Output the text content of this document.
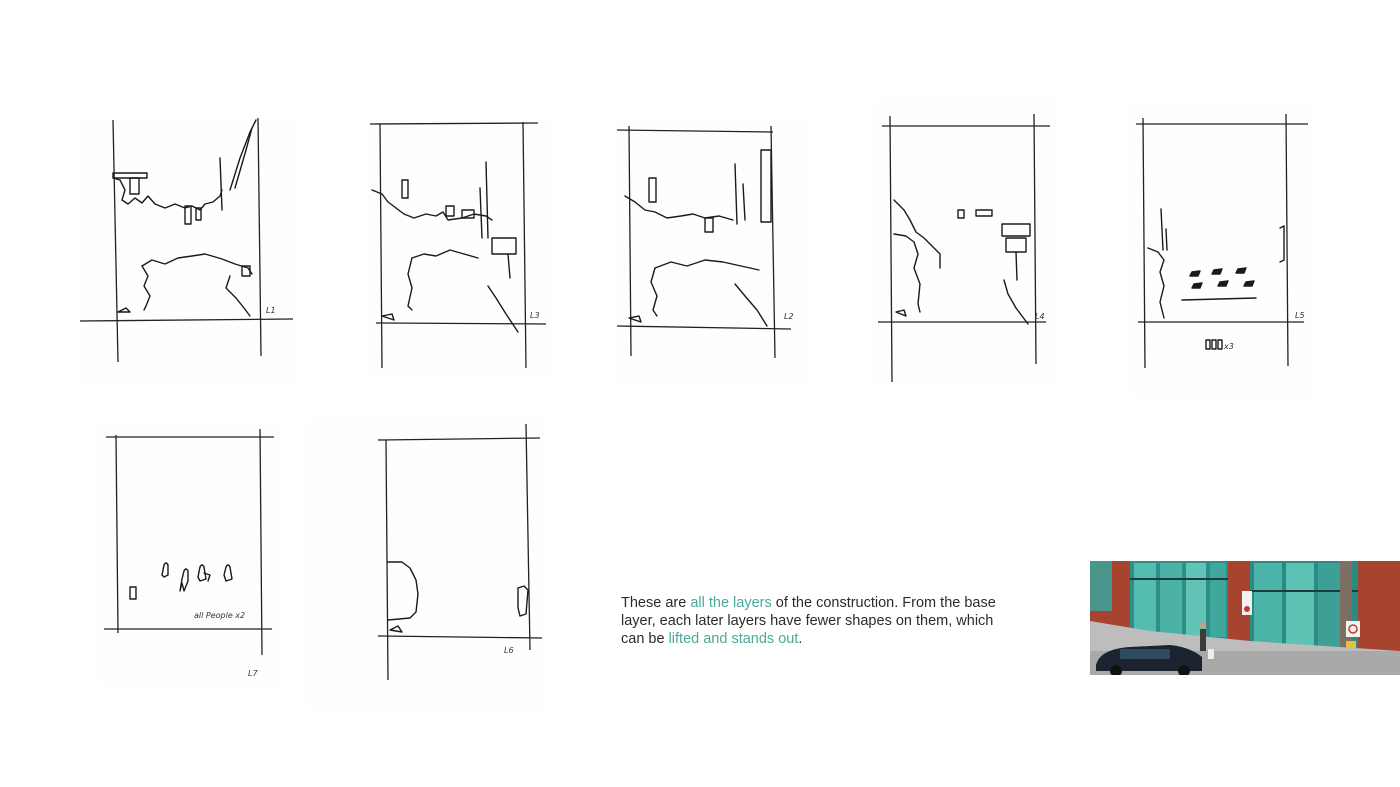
L1
L3	L2	L4
x3
L5
all People x2
L7
L6
These are all the layers of the construction. From the base layer, each later layers have fewer shapes on them, which can be lifted and stands out.
